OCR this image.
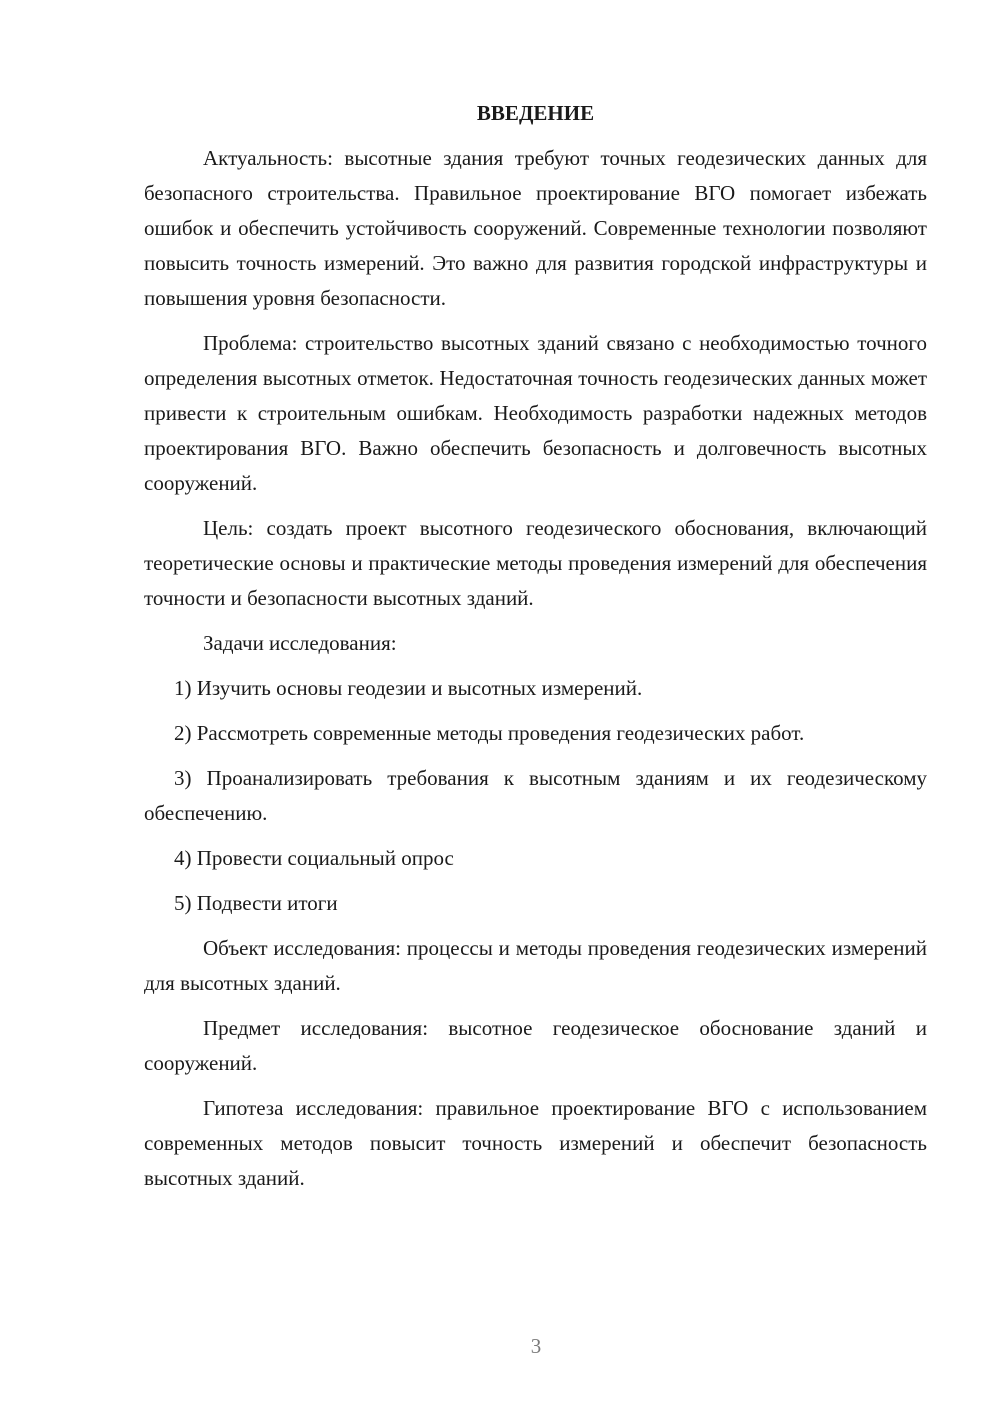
ВВЕДЕНИЕ

Актуальность: высотные здания требуют точных геодезических данных для безопасного строительства. Правильное проектирование ВГО помогает избежать ошибок и обеспечить устойчивость сооружений. Современные технологии позволяют повысить точность измерений. Это важно для развития городской инфраструктуры и повышения уровня безопасности.

Проблема: строительство высотных зданий связано с необходимостью точного определения высотных отметок. Недостаточная точность геодезических данных может привести к строительным ошибкам. Необходимость разработки надежных методов проектирования ВГО. Важно обеспечить безопасность и долговечность высотных сооружений.

Цель: создать проект высотного геодезического обоснования, включающий теоретические основы и практические методы проведения измерений для обеспечения точности и безопасности высотных зданий.

Задачи исследования:

1) Изучить основы геодезии и высотных измерений.

2) Рассмотреть современные методы проведения геодезических работ.

3) Проанализировать требования к высотным зданиям и их геодезическому обеспечению.

4) Провести социальный опрос

5) Подвести итоги

Объект исследования: процессы и методы проведения геодезических измерений для высотных зданий.

Предмет исследования: высотное геодезическое обоснование зданий и сооружений.

Гипотеза исследования: правильное проектирование ВГО с использованием современных методов повысит точность измерений и обеспечит безопасность высотных зданий.

3
